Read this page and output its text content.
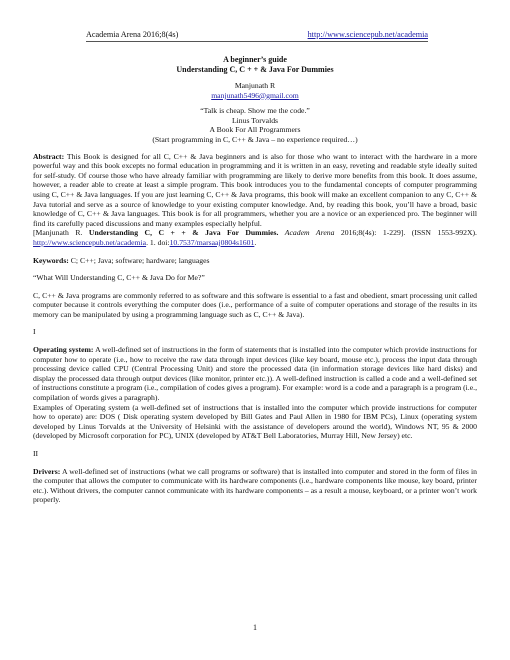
Academia Arena 2016;8(4s)	http://www.sciencepub.net/academia
A beginner’s guide
Understanding C, C + + & Java For Dummies
Manjunath R
manjunath5496@gmail.com
“Talk is cheap. Show me the code.”
Linus Torvalds
A Book For All Programmers
(Start programming in C, C++ & Java – no experience required…)

Abstract: This Book is designed for all C, C++ & Java beginners and is also for those who want to interact with the hardware in a more powerful way and this book excepts no formal education in programming and it is written in an easy, reveting and readable style ideally suited for self-study. Of course those who have already familiar with programming are likely to derive more benefits from this book. It does assume, however, a reader able to create at least a simple program. This book introduces you to the fundamental concepts of computer programming using C, C++ & Java languages. If you are just learning C, C++ & Java programs, this book will make an excellent companion to any C, C++ & Java tutorial and serve as a source of knowledge to your existing computer knowledge. And, by reading this book, you’ll have a broad, basic knowledge of C, C++ & Java languages. This book is for all programmers, whether you are a novice or an experienced pro. The beginner will find its carefully paced discussions and many examples especially helpful.

[Manjunath R. Understanding C, C + + & Java For Dummies. Academ Arena 2016;8(4s): 1-229]. (ISSN 1553-992X). http://www.sciencepub.net/academia. 1. doi:10.7537/marsaaj0804s1601.

Keywords: C; C++; Java; software; hardware; languages

“What Will Understanding C, C++ & Java Do for Me?”

C, C++ & Java programs are commonly referred to as software and this software is essential to a fast and obedient, smart processing unit called computer because it controls everything the computer does (i.e., performance of a suite of computer operations and storage of the results in its memory can be manipulated by using a programming language such as C, C++ & Java).

I

Operating system: A well-defined set of instructions in the form of statements that is installed into the computer which provide instructions for computer how to operate (i.e., how to receive the raw data through input devices (like key board, mouse etc.), process the input data through processing device called CPU (Central Processing Unit) and store the processed data (in information storage devices like hard disks) and display the processed data through output devices (like monitor, printer etc.)). A well-defined instruction is called a code and a well-defined set of instructions constitute a program (i.e., compilation of codes gives a program). For example: word is a code and a paragraph is a program (i.e., compilation of words gives a paragraph).

Examples of Operating system (a well-defined set of instructions that is installed into the computer which provide instructions for computer how to operate) are: DOS ( Disk operating system developed by Bill Gates and Paul Allen in 1980 for IBM PCs), Linux (operating system developed by Linus Torvalds at the University of Helsinki with the assistance of developers around the world), Windows NT, 95 & 2000 (developed by Microsoft corporation for PC), UNIX (developed by AT&T Bell Laboratories, Murray Hill, New Jersey) etc.

II

Drivers: A well-defined set of instructions (what we call programs or software) that is installed into computer and stored in the form of files in the computer that allows the computer to communicate with its hardware components (i.e., hardware components like mouse, key board, printer etc.). Without drivers, the computer cannot communicate with its hardware components – as a result a mouse, keyboard, or a printer won’t work properly.

1
